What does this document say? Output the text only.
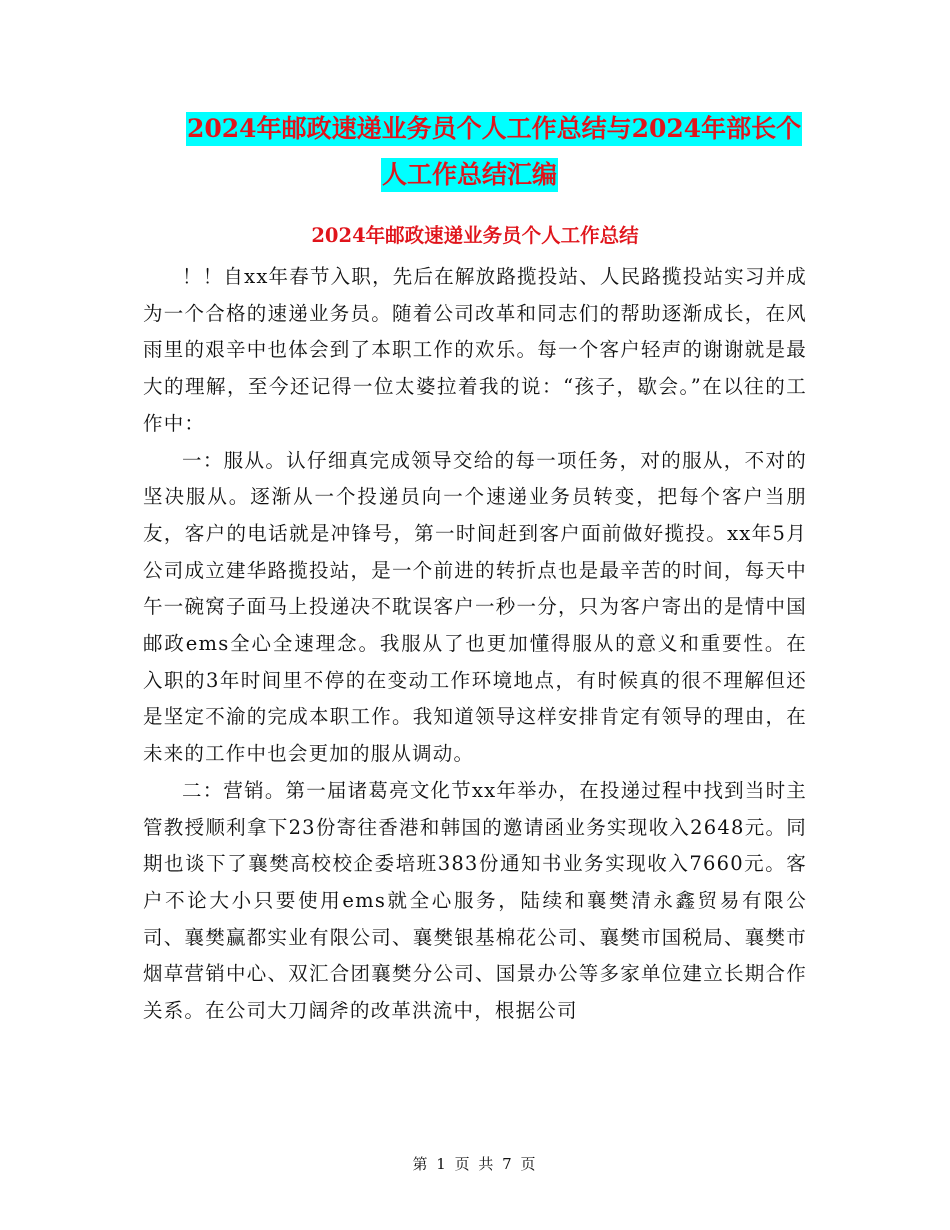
2024年邮政速递业务员个人工作总结与2024年部长个
人工作总结汇编
2024年邮政速递业务员个人工作总结

！！自xx年春节入职，先后在解放路揽投站、人民路揽投站实习并成为一个合格的速递业务员。随着公司改革和同志们的帮助逐渐成长，在风雨里的艰辛中也体会到了本职工作的欢乐。每一个客户轻声的谢谢就是最大的理解，至今还记得一位太婆拉着我的说：“孩子，歇会。”在以往的工作中：

一：服从。认仔细真完成领导交给的每一项任务，对的服从，不对的坚决服从。逐渐从一个投递员向一个速递业务员转变，把每个客户当朋友，客户的电话就是冲锋号，第一时间赶到客户面前做好揽投。xx年5月公司成立建华路揽投站，是一个前进的转折点也是最辛苦的时间，每天中午一碗窝子面马上投递决不耽误客户一秒一分，只为客户寄出的是情中国邮政ems全心全速理念。我服从了也更加懂得服从的意义和重要性。在入职的3年时间里不停的在变动工作环境地点，有时候真的很不理解但还是坚定不渝的完成本职工作。我知道领导这样安排肯定有领导的理由，在未来的工作中也会更加的服从调动。

二：营销。第一届诸葛亮文化节xx年举办，在投递过程中找到当时主管教授顺利拿下23份寄往香港和韩国的邀请函业务实现收入2648元。同期也谈下了襄樊高校校企委培班383份通知书业务实现收入7660元。客户不论大小只要使用ems就全心服务，陆续和襄樊清永鑫贸易有限公司、襄樊赢都实业有限公司、襄樊银基棉花公司、襄樊市国税局、襄樊市烟草营销中心、双汇合团襄樊分公司、国景办公等多家单位建立长期合作关系。在公司大刀阔斧的改革洪流中，根据公司

第 1 页 共 7 页
